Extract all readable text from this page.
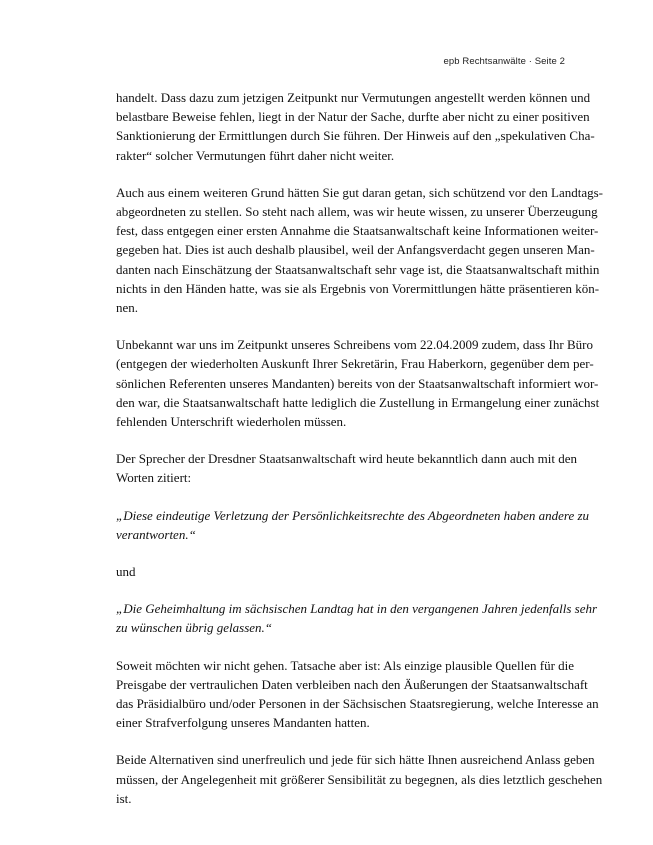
epb Rechtsanwälte · Seite 2

handelt. Dass dazu zum jetzigen Zeitpunkt nur Vermutungen angestellt werden können und
belastbare Beweise fehlen, liegt in der Natur der Sache, durfte aber nicht zu einer positiven
Sanktionierung der Ermittlungen durch Sie führen. Der Hinweis auf den „spekulativen Cha-
rakter“ solcher Vermutungen führt daher nicht weiter.

Auch aus einem weiteren Grund hätten Sie gut daran getan, sich schützend vor den Landtags-
abgeordneten zu stellen. So steht nach allem, was wir heute wissen, zu unserer Überzeugung
fest, dass entgegen einer ersten Annahme die Staatsanwaltschaft keine Informationen weiter-
gegeben hat. Dies ist auch deshalb plausibel, weil der Anfangsverdacht gegen unseren Man-
danten nach Einschätzung der Staatsanwaltschaft sehr vage ist, die Staatsanwaltschaft mithin
nichts in den Händen hatte, was sie als Ergebnis von Vorermittlungen hätte präsentieren kön-
nen.

Unbekannt war uns im Zeitpunkt unseres Schreibens vom 22.04.2009 zudem, dass Ihr Büro
(entgegen der wiederholten Auskunft Ihrer Sekretärin, Frau Haberkorn, gegenüber dem per-
sönlichen Referenten unseres Mandanten) bereits von der Staatsanwaltschaft informiert wor-
den war, die Staatsanwaltschaft hatte lediglich die Zustellung in Ermangelung einer zunächst
fehlenden Unterschrift wiederholen müssen.

Der Sprecher der Dresdner Staatsanwaltschaft wird heute bekanntlich dann auch mit den
Worten zitiert:

„Diese eindeutige Verletzung der Persönlichkeitsrechte des Abgeordneten haben andere zu
verantworten.“

und

„Die Geheimhaltung im sächsischen Landtag hat in den vergangenen Jahren jedenfalls sehr
zu wünschen übrig gelassen.“

Soweit möchten wir nicht gehen. Tatsache aber ist: Als einzige plausible Quellen für die
Preisgabe der vertraulichen Daten verbleiben nach den Äußerungen der Staatsanwaltschaft
das Präsidialbüro und/oder Personen in der Sächsischen Staatsregierung, welche Interesse an
einer Strafverfolgung unseres Mandanten hatten.

Beide Alternativen sind unerfreulich und jede für sich hätte Ihnen ausreichend Anlass geben
müssen, der Angelegenheit mit größerer Sensibilität zu begegnen, als dies letztlich geschehen
ist.
